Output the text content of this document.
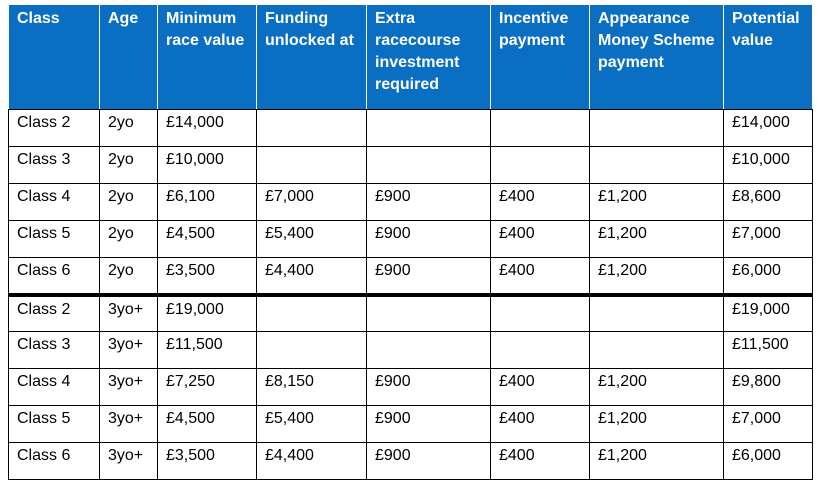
Class	Age	Minimum race value	Funding unlocked at	Extra racecourse investment required	Incentive payment	Appearance Money Scheme payment	Potential value
Class 2	2yo	£14,000					£14,000
Class 3	2yo	£10,000					£10,000
Class 4	2yo	£6,100	£7,000	£900	£400	£1,200	£8,600
Class 5	2yo	£4,500	£5,400	£900	£400	£1,200	£7,000
Class 6	2yo	£3,500	£4,400	£900	£400	£1,200	£6,000
Class 2	3yo+	£19,000					£19,000
Class 3	3yo+	£11,500					£11,500
Class 4	3yo+	£7,250	£8,150	£900	£400	£1,200	£9,800
Class 5	3yo+	£4,500	£5,400	£900	£400	£1,200	£7,000
Class 6	3yo+	£3,500	£4,400	£900	£400	£1,200	£6,000
